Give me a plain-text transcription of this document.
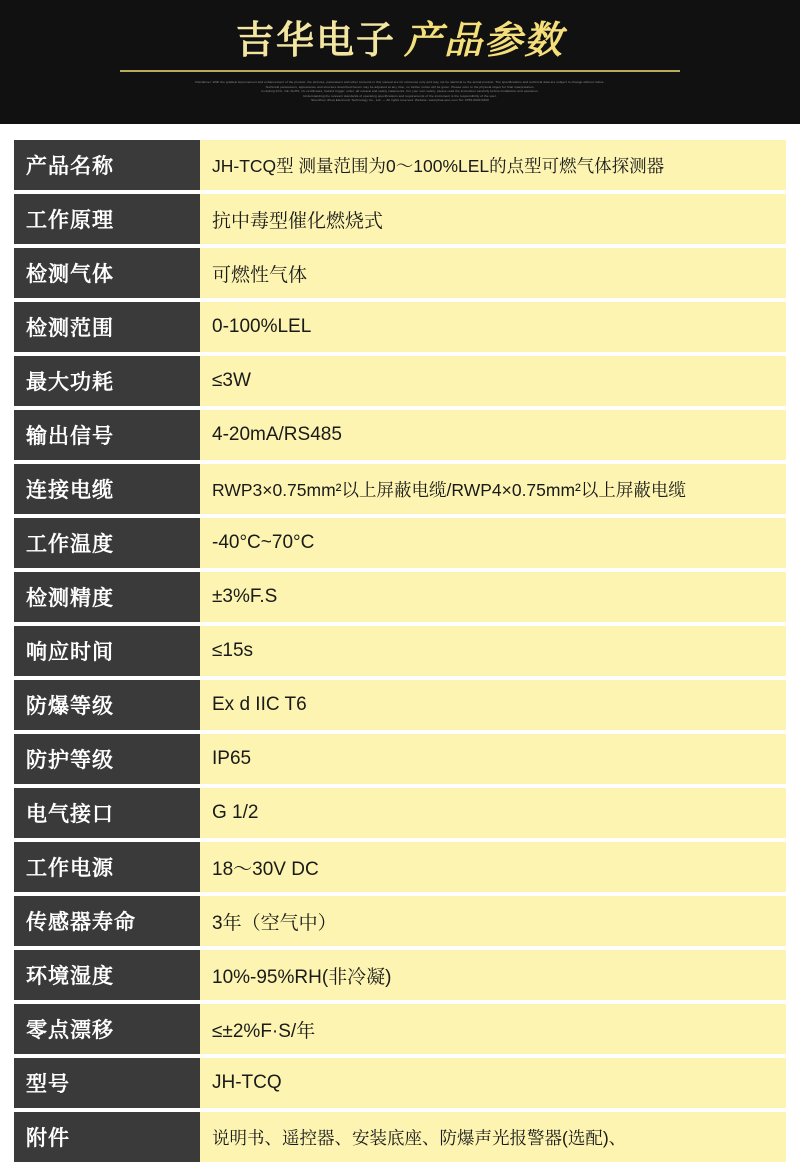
吉华电子 产品参数
Disclaimer: With the gradual improvement and enhancement of the product, the pictures, parameters and other contents in this manual are for reference only and may not be identical to the actual product. The specifications and technical data are subject to change without notice.
Technical parameters, appearance and structure described herein may be adjusted at any time; no further notice will be given. Please refer to the physical object for final interpretation.
Including FCC, CE, RoHS, UL certificates, hazard trigger, order, all manual and safety statements. For your own safety, please read the instruction carefully before installation and operation.
Understanding the relevant standards of operating specifications and requirements of the instrument is the responsibility of the user.
Shenzhen Jihua Electronic Technology Co., Ltd. — All rights reserved. Website: www.jihua-elec.com Tel: 0755-0000 0000
产品名称	JH-TCQ型 测量范围为0～100%LEL的点型可燃气体探测器
工作原理	抗中毒型催化燃烧式
检测气体	可燃性气体
检测范围	0-100%LEL
最大功耗	≤3W
输出信号	4-20mA/RS485
连接电缆	RWP3×0.75mm²以上屏蔽电缆/RWP4×0.75mm²以上屏蔽电缆
工作温度	-40°C~70°C
检测精度	±3%F.S
响应时间	≤15s
防爆等级	Ex d IIC T6
防护等级	IP65
电气接口	G 1/2
工作电源	18～30V DC
传感器寿命	3年（空气中）
环境湿度	10%-95%RH(非冷凝)
零点漂移	≤±2%F·S/年
型号	JH-TCQ
附件	说明书、遥控器、安装底座、防爆声光报警器(选配)、
